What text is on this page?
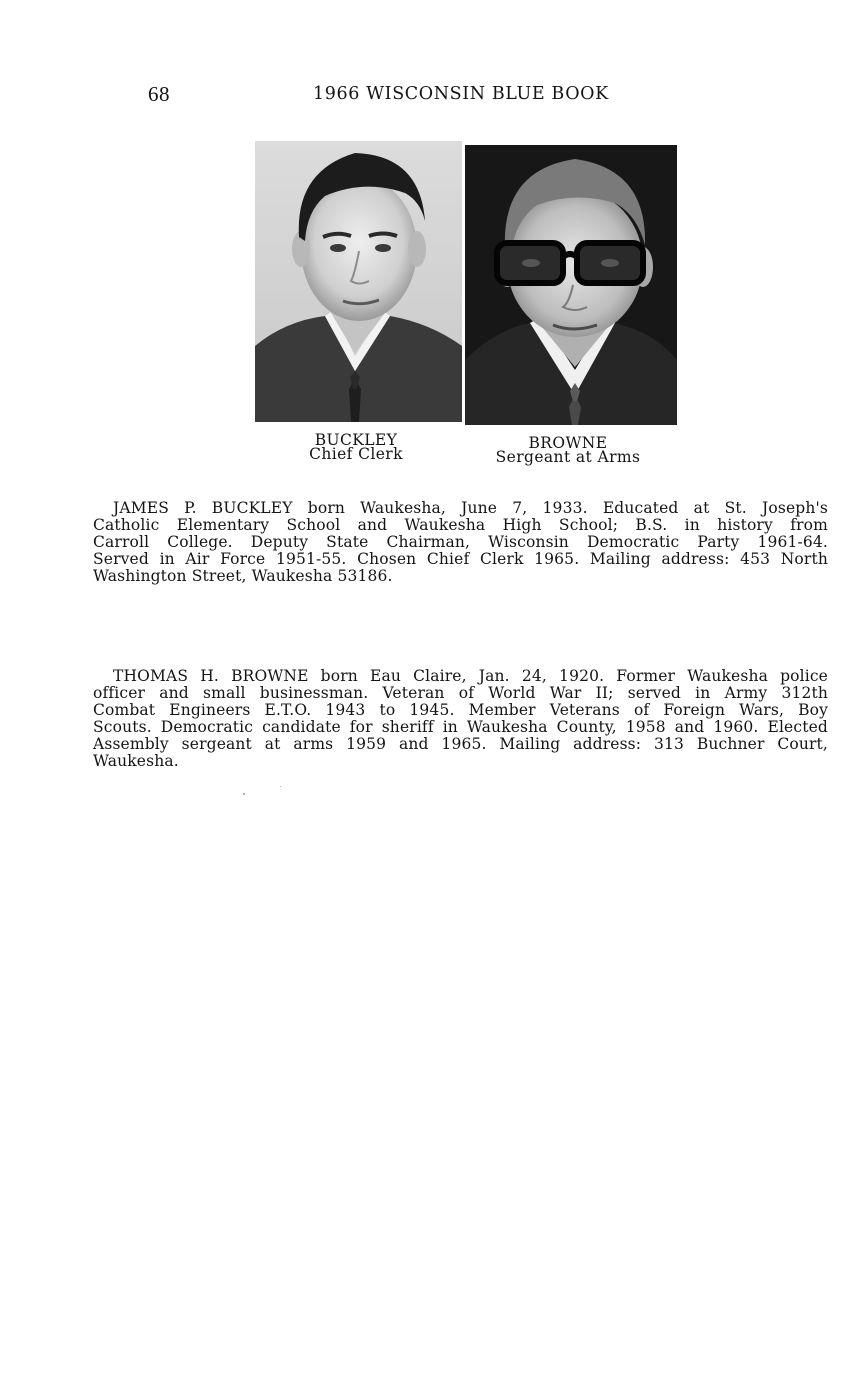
68	1966 WISCONSIN BLUE BOOK
BUCKLEY
Chief Clerk
BROWNE
Sergeant at Arms
JAMES P. BUCKLEY born Waukesha, June 7, 1933. Educated at St. Joseph's
Catholic Elementary School and Waukesha High School; B.S. in history from
Carroll College. Deputy State Chairman, Wisconsin Democratic Party 1961-64.
Served in Air Force 1951-55. Chosen Chief Clerk 1965. Mailing address: 453 North
Washington Street, Waukesha 53186.
THOMAS H. BROWNE born Eau Claire, Jan. 24, 1920. Former Waukesha police
officer and small businessman. Veteran of World War II; served in Army 312th
Combat Engineers E.T.O. 1943 to 1945. Member Veterans of Foreign Wars, Boy
Scouts. Democratic candidate for sheriff in Waukesha County, 1958 and 1960. Elected
Assembly sergeant at arms 1959 and 1965. Mailing address: 313 Buchner Court,
Waukesha.
